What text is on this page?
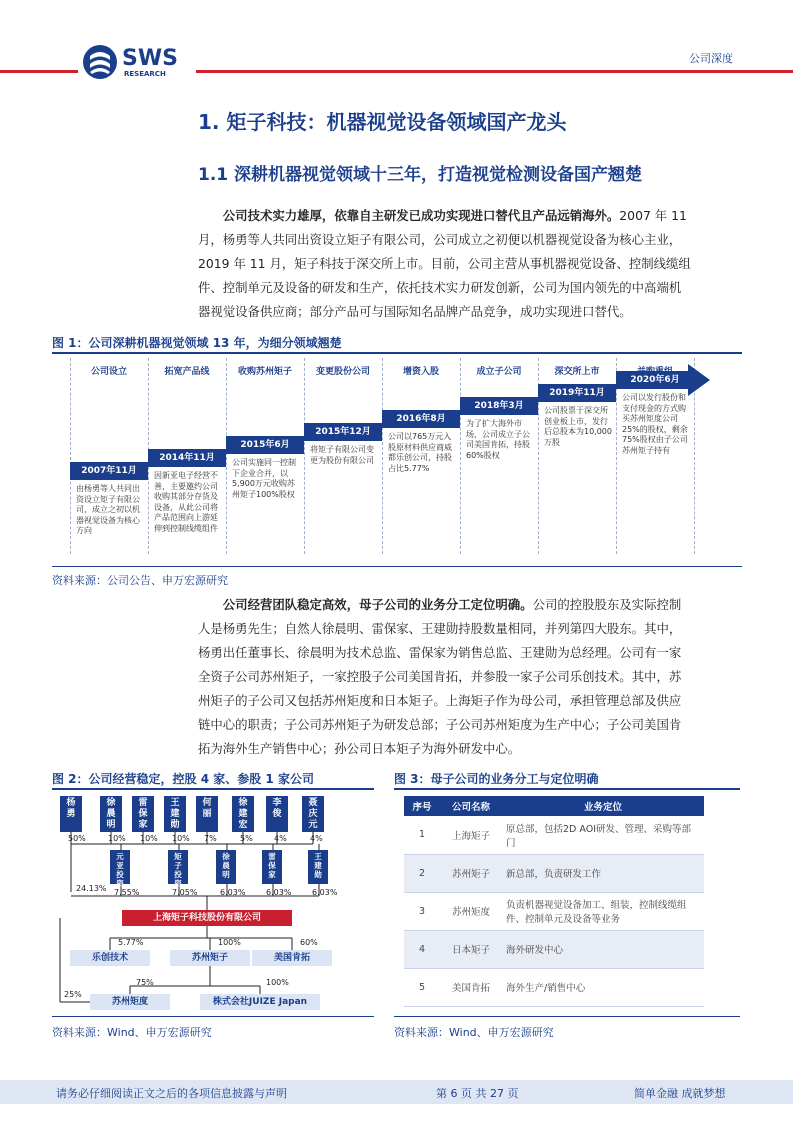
SWS
RESEARCH
公司深度
1. 矩子科技：机器视觉设备领域国产龙头
1.1 深耕机器视觉领域十三年，打造视觉检测设备国产翘楚
公司技术实力雄厚，依靠自主研发已成功实现进口替代且产品远销海外。2007 年 11
月，杨勇等人共同出资设立矩子有限公司，公司成立之初便以机器视觉设备为核心主业，
2019 年 11 月，矩子科技于深交所上市。目前，公司主营从事机器视觉设备、控制线缆组
件、控制单元及设备的研发和生产，依托技术实力研发创新，公司为国内领先的中高端机
器视觉设备供应商；部分产品可与国际知名品牌产品竞争，成功实现进口替代。
图 1：公司深耕机器视觉领域 13 年，为细分领域翘楚
公司设立
2007年11月
由杨勇等人共同出资设立矩子有限公司，成立之初以机器视觉设备为核心方向
拓宽产品线
2014年11月
因新亚电子经营不善，主要邀约公司收购其部分存货及设备，从此公司将产品范围向上游延伸到控制线缆组件
收购苏州矩子
2015年6月
公司实施同一控制下企业合并，以5,900万元收购苏州矩子100%股权
变更股份公司
2015年12月
将矩子有限公司变更为股份有限公司
增资入股
2016年8月
公司以765万元入股原材料供应商威都乐创公司，持股占比5.77%
成立子公司
2018年3月
为了扩大海外市场，公司成立子公司美国肯拓，持股60%股权
深交所上市
2019年11月
公司股票于深交所创业板上市，发行后总股本为10,000万股
2020年6月
公司以发行股份和支付现金的方式购买苏州矩度公司25%的股权，剩余75%股权由子公司苏州矩子持有
资料来源：公司公告、申万宏源研究
公司经营团队稳定高效，母子公司的业务分工定位明确。公司的控股股东及实际控制
人是杨勇先生；自然人徐晨明、雷保家、王建勋持股数量相同，并列第四大股东。其中，
杨勇出任董事长、徐晨明为技术总监、雷保家为销售总监、王建勋为总经理。公司有一家
全资子公司苏州矩子，一家控股子公司美国肯拓，并参股一家子公司乐创技术。其中，苏
州矩子的子公司又包括苏州矩度和日本矩子。上海矩子作为母公司，承担管理总部及供应
链中心的职责；子公司苏州矩子为研发总部；子公司苏州矩度为生产中心；子公司美国肯
拓为海外生产销售中心；孙公司日本矩子为海外研发中心。
图 2：公司经营稳定，控股 4 家、参股 1 家公司
杨
勇
50%
徐
晨
明
10%
雷
保
家
10%
王
建
勋
10%
何
丽
7%
徐
建
宏
5%
李
俊
4%
聂
庆
元
4%
24.13%
元
亚
投
资
7.55%
矩
子
投
资
7.05%
徐
晨
明
6.03%
雷
保
家
6.03%
王
建
勋
6.03%
上海矩子科技股份有限公司
乐创技术
5.77%
苏州矩子
100%
美国肯拓
60%
25%
苏州矩度
75%
株式会社JUIZE Japan
100%
资料来源：Wind、申万宏源研究
图 3：母子公司的业务分工与定位明确
序号	公司名称	业务定位
1	上海矩子	原总部，包括2D AOI研发、管理、采购等部门
2	苏州矩子	新总部，负责研发工作
3	苏州矩度	负责机器视觉设备加工、组装，控制线缆组件、控制单元及设备等业务
4	日本矩子	海外研发中心
5	美国肯拓	海外生产/销售中心
资料来源：Wind、申万宏源研究
请务必仔细阅读正文之后的各项信息披露与声明	第 6 页 共 27 页	简单金融 成就梦想
